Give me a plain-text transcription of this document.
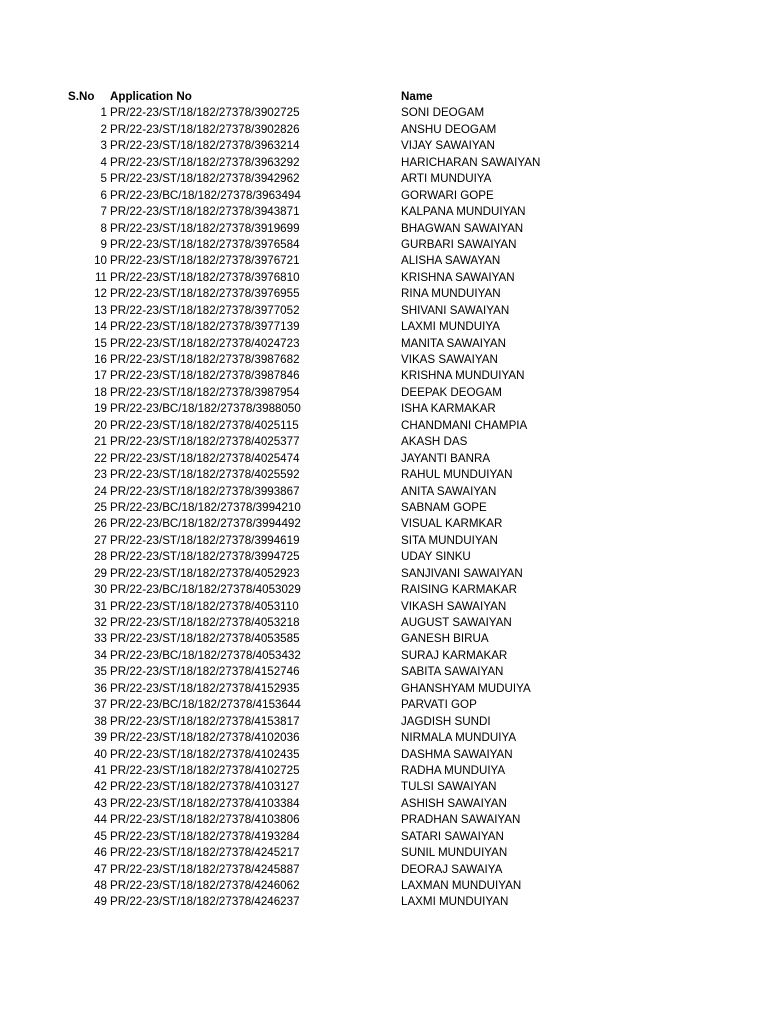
S.No Application No	Name
1 PR/22-23/ST/18/182/27378/3902725	SONI DEOGAM
2 PR/22-23/ST/18/182/27378/3902826	ANSHU DEOGAM
3 PR/22-23/ST/18/182/27378/3963214	VIJAY SAWAIYAN
4 PR/22-23/ST/18/182/27378/3963292	HARICHARAN SAWAIYAN
5 PR/22-23/ST/18/182/27378/3942962	ARTI MUNDUIYA
6 PR/22-23/BC/18/182/27378/3963494	GORWARI GOPE
7 PR/22-23/ST/18/182/27378/3943871	KALPANA MUNDUIYAN
8 PR/22-23/ST/18/182/27378/3919699	BHAGWAN SAWAIYAN
9 PR/22-23/ST/18/182/27378/3976584	GURBARI SAWAIYAN
10 PR/22-23/ST/18/182/27378/3976721	ALISHA SAWAYAN
11 PR/22-23/ST/18/182/27378/3976810	KRISHNA SAWAIYAN
12 PR/22-23/ST/18/182/27378/3976955	RINA MUNDUIYAN
13 PR/22-23/ST/18/182/27378/3977052	SHIVANI SAWAIYAN
14 PR/22-23/ST/18/182/27378/3977139	LAXMI MUNDUIYA
15 PR/22-23/ST/18/182/27378/4024723	MANITA SAWAIYAN
16 PR/22-23/ST/18/182/27378/3987682	VIKAS SAWAIYAN
17 PR/22-23/ST/18/182/27378/3987846	KRISHNA MUNDUIYAN
18 PR/22-23/ST/18/182/27378/3987954	DEEPAK DEOGAM
19 PR/22-23/BC/18/182/27378/3988050	ISHA KARMAKAR
20 PR/22-23/ST/18/182/27378/4025115	CHANDMANI CHAMPIA
21 PR/22-23/ST/18/182/27378/4025377	AKASH DAS
22 PR/22-23/ST/18/182/27378/4025474	JAYANTI BANRA
23 PR/22-23/ST/18/182/27378/4025592	RAHUL MUNDUIYAN
24 PR/22-23/ST/18/182/27378/3993867	ANITA SAWAIYAN
25 PR/22-23/BC/18/182/27378/3994210	SABNAM GOPE
26 PR/22-23/BC/18/182/27378/3994492	VISUAL KARMKAR
27 PR/22-23/ST/18/182/27378/3994619	SITA MUNDUIYAN
28 PR/22-23/ST/18/182/27378/3994725	UDAY SINKU
29 PR/22-23/ST/18/182/27378/4052923	SANJIVANI SAWAIYAN
30 PR/22-23/BC/18/182/27378/4053029	RAISING KARMAKAR
31 PR/22-23/ST/18/182/27378/4053110	VIKASH SAWAIYAN
32 PR/22-23/ST/18/182/27378/4053218	AUGUST SAWAIYAN
33 PR/22-23/ST/18/182/27378/4053585	GANESH BIRUA
34 PR/22-23/BC/18/182/27378/4053432	SURAJ KARMAKAR
35 PR/22-23/ST/18/182/27378/4152746	SABITA SAWAIYAN
36 PR/22-23/ST/18/182/27378/4152935	GHANSHYAM MUDUIYA
37 PR/22-23/BC/18/182/27378/4153644	PARVATI GOP
38 PR/22-23/ST/18/182/27378/4153817	JAGDISH SUNDI
39 PR/22-23/ST/18/182/27378/4102036	NIRMALA MUNDUIYA
40 PR/22-23/ST/18/182/27378/4102435	DASHMA SAWAIYAN
41 PR/22-23/ST/18/182/27378/4102725	RADHA MUNDUIYA
42 PR/22-23/ST/18/182/27378/4103127	TULSI SAWAIYAN
43 PR/22-23/ST/18/182/27378/4103384	ASHISH SAWAIYAN
44 PR/22-23/ST/18/182/27378/4103806	PRADHAN SAWAIYAN
45 PR/22-23/ST/18/182/27378/4193284	SATARI SAWAIYAN
46 PR/22-23/ST/18/182/27378/4245217	SUNIL MUNDUIYAN
47 PR/22-23/ST/18/182/27378/4245887	DEORAJ SAWAIYA
48 PR/22-23/ST/18/182/27378/4246062	LAXMAN MUNDUIYAN
49 PR/22-23/ST/18/182/27378/4246237	LAXMI MUNDUIYAN
